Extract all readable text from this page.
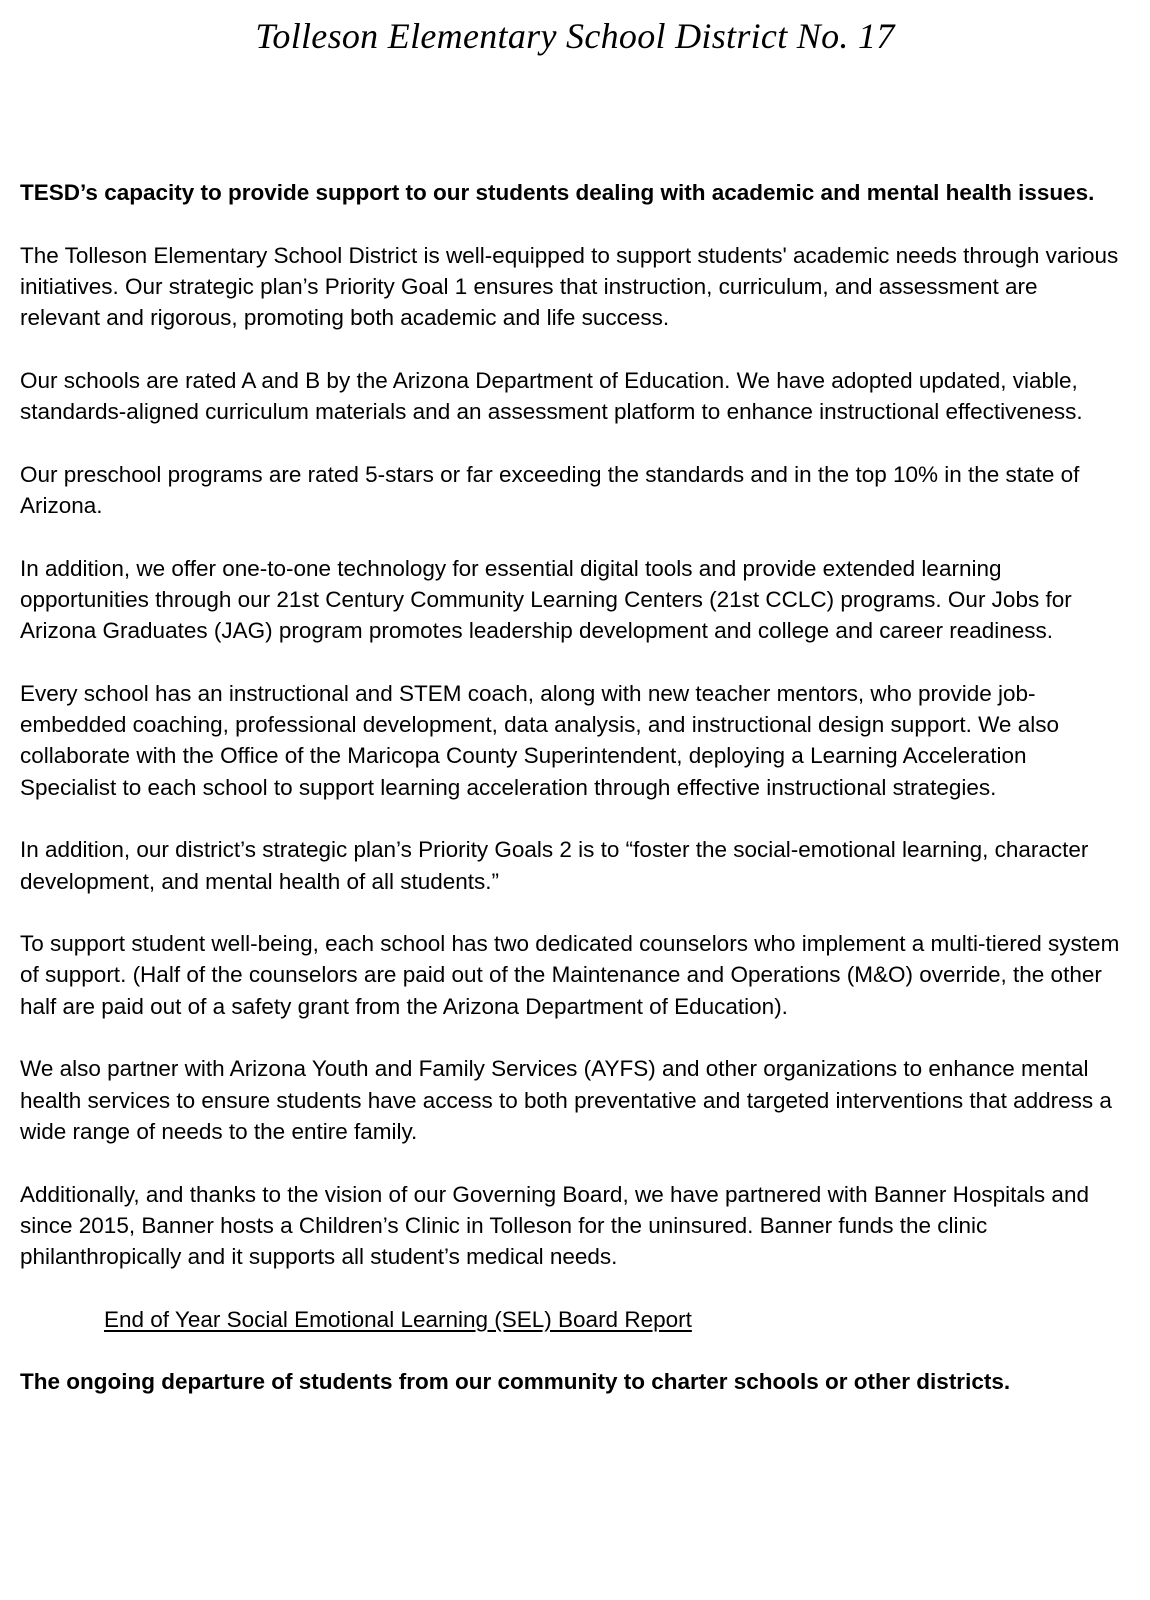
Tolleson Elementary School District No. 17

TESD’s capacity to provide support to our students dealing with academic and mental health issues.

The Tolleson Elementary School District is well-equipped to support students' academic needs through various initiatives. Our strategic plan’s Priority Goal 1 ensures that instruction, curriculum, and assessment are relevant and rigorous, promoting both academic and life success.

Our schools are rated A and B by the Arizona Department of Education. We have adopted updated, viable, standards-aligned curriculum materials and an assessment platform to enhance instructional effectiveness.

Our preschool programs are rated 5-stars or far exceeding the standards and in the top 10% in the state of Arizona.

In addition, we offer one-to-one technology for essential digital tools and provide extended learning opportunities through our 21st Century Community Learning Centers (21st CCLC) programs. Our Jobs for Arizona Graduates (JAG) program promotes leadership development and college and career readiness.

Every school has an instructional and STEM coach, along with new teacher mentors, who provide job-embedded coaching, professional development, data analysis, and instructional design support. We also collaborate with the Office of the Maricopa County Superintendent, deploying a Learning Acceleration Specialist to each school to support learning acceleration through effective instructional strategies.

In addition, our district’s strategic plan’s Priority Goals 2 is to “foster the social-emotional learning, character development, and mental health of all students.”

To support student well-being, each school has two dedicated counselors who implement a multi-tiered system of support. (Half of the counselors are paid out of the Maintenance and Operations (M&O) override, the other half are paid out of a safety grant from the Arizona Department of Education).

We also partner with Arizona Youth and Family Services (AYFS) and other organizations to enhance mental health services to ensure students have access to both preventative and targeted interventions that address a wide range of needs to the entire family.

Additionally, and thanks to the vision of our Governing Board, we have partnered with Banner Hospitals and since 2015, Banner hosts a Children’s Clinic in Tolleson for the uninsured. Banner funds the clinic philanthropically and it supports all student’s medical needs.

End of Year Social Emotional Learning (SEL) Board Report

The ongoing departure of students from our community to charter schools or other districts.
